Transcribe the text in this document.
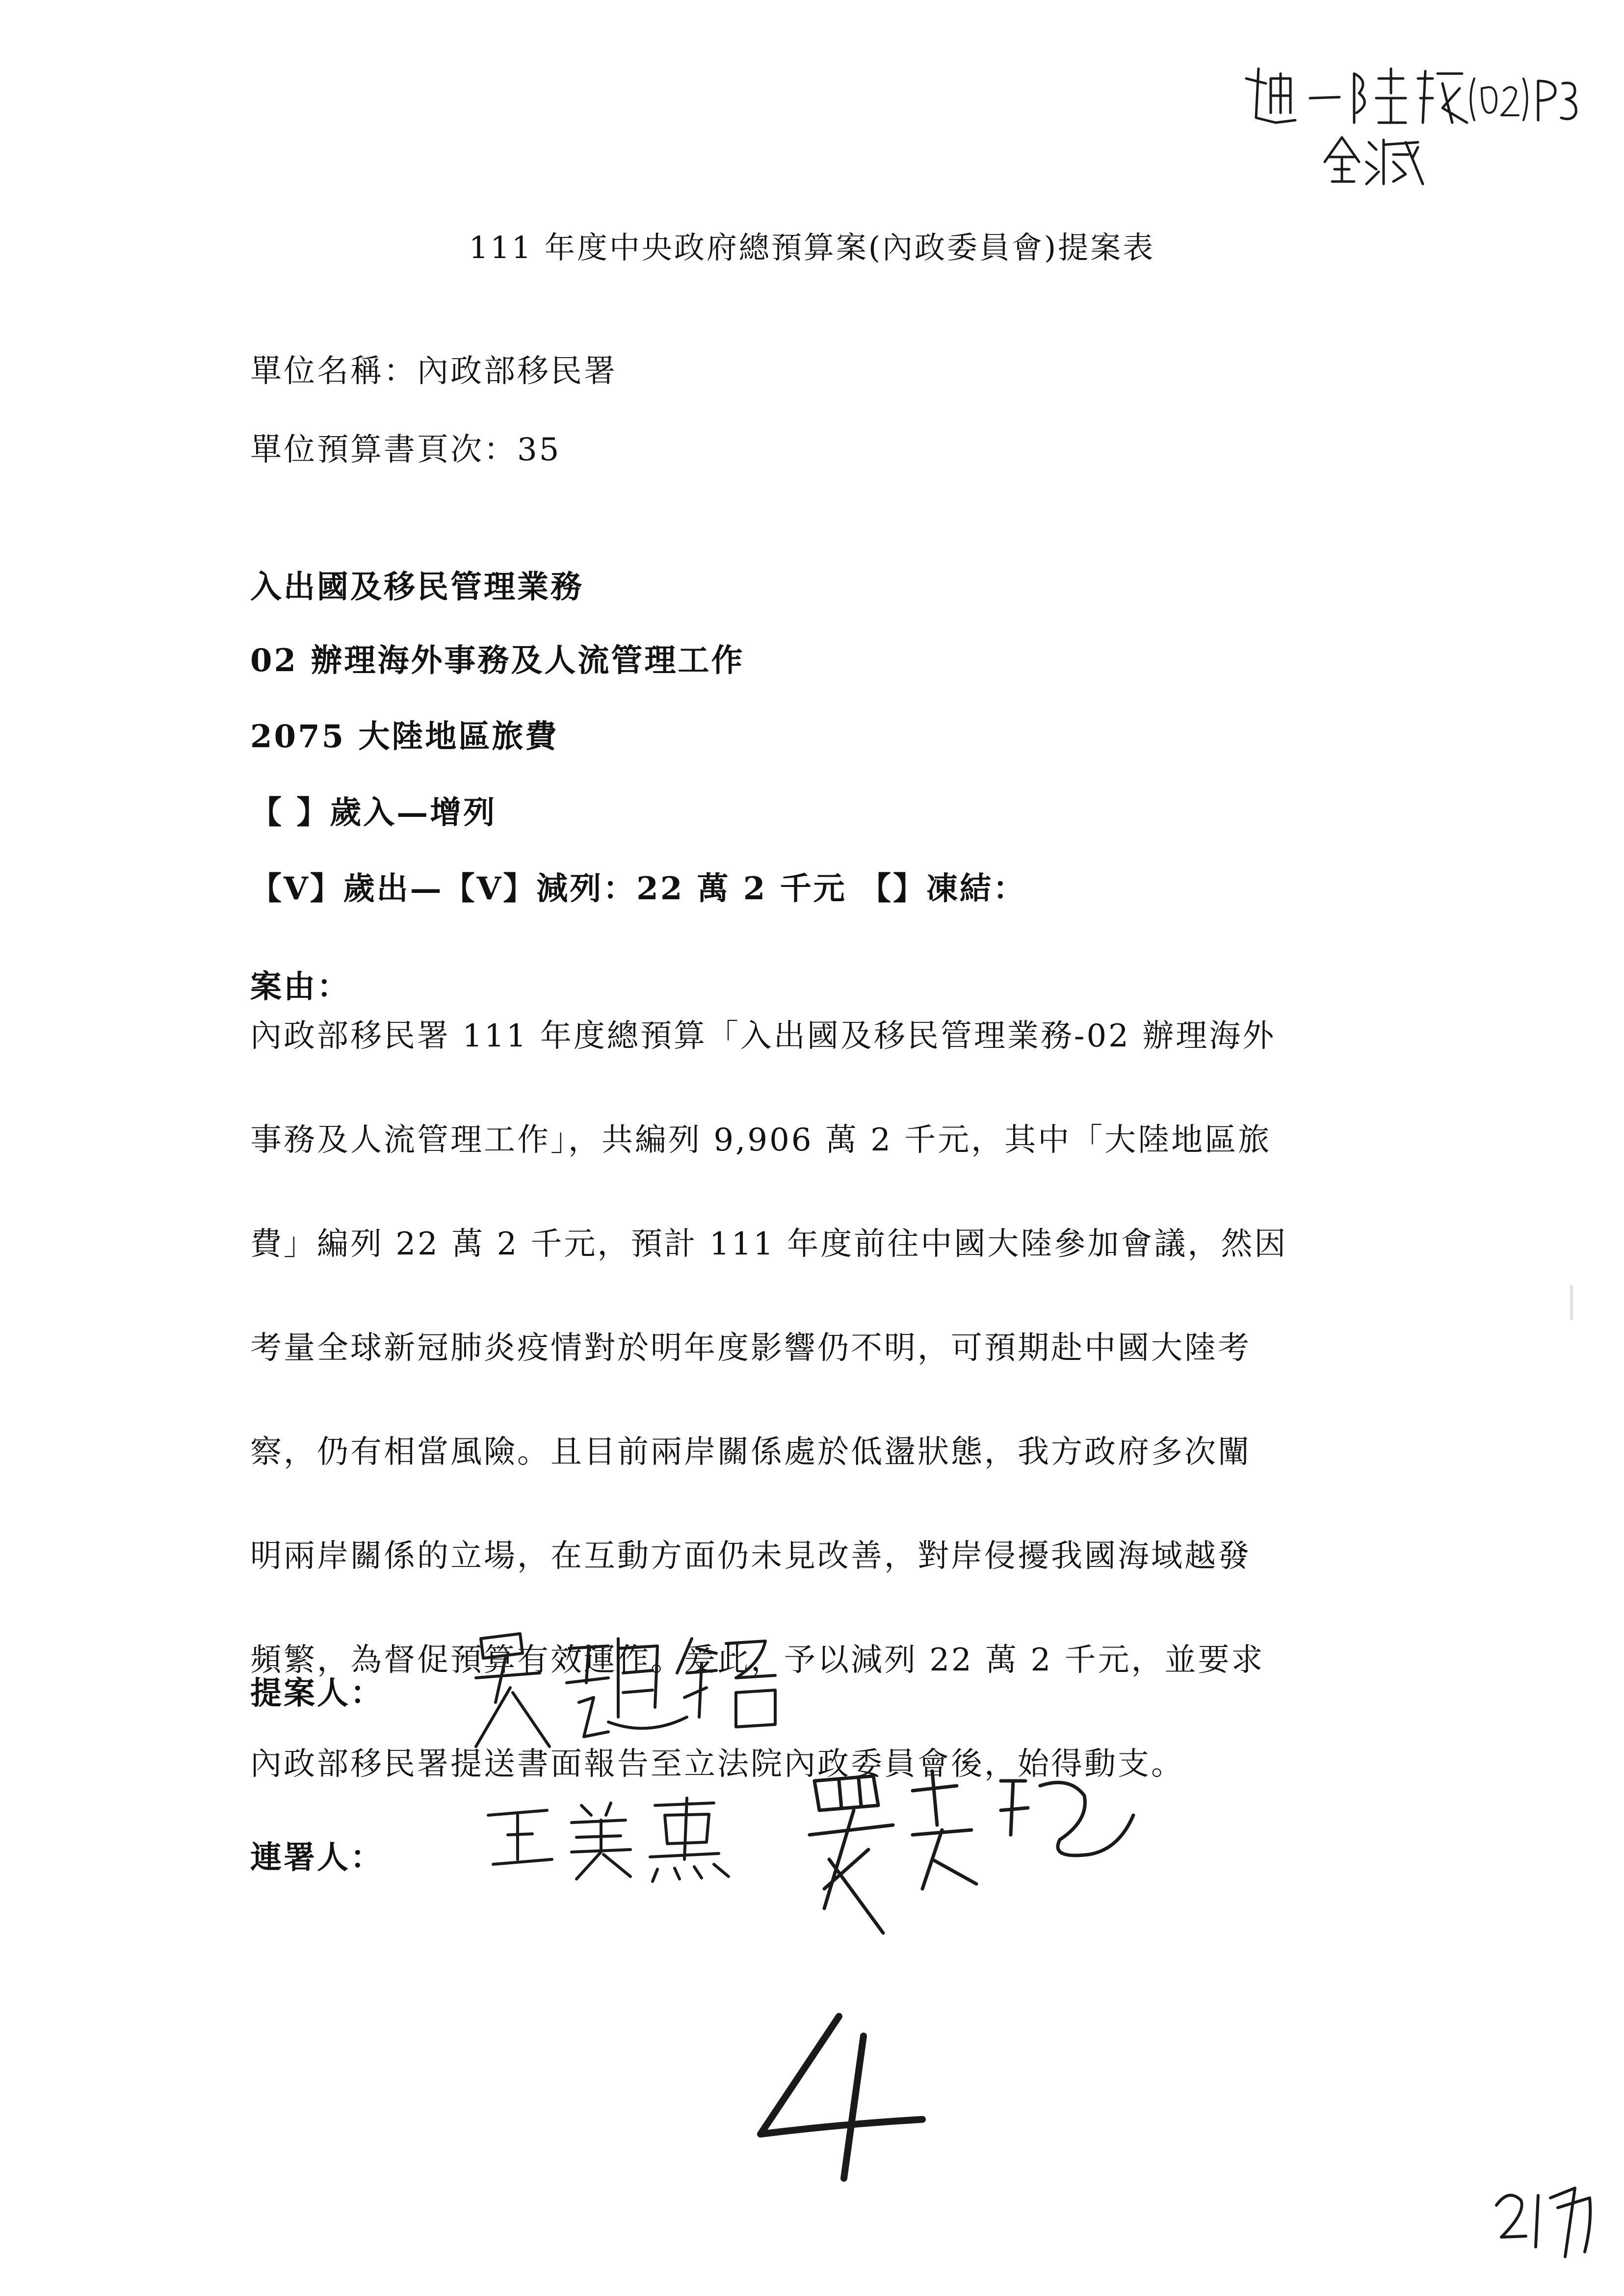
111 年度中央政府總預算案(內政委員會)提案表
單位名稱：內政部移民署
單位預算書頁次：35
入出國及移民管理業務
02 辦理海外事務及人流管理工作
2075 大陸地區旅費
【 】歲入—增列
【V】歲出—【V】減列：22 萬 2 千元 【】凍結：
案由：
內政部移民署 111 年度總預算「入出國及移民管理業務-02 辦理海外
事務及人流管理工作」，共編列 9,906 萬 2 千元，其中「大陸地區旅
費」編列 22 萬 2 千元，預計 111 年度前往中國大陸參加會議，然因
考量全球新冠肺炎疫情對於明年度影響仍不明，可預期赴中國大陸考
察，仍有相當風險。且目前兩岸關係處於低盪狀態，我方政府多次闡
明兩岸關係的立場，在互動方面仍未見改善，對岸侵擾我國海域越發
頻繁，為督促預算有效運作。爰此，予以減列 22 萬 2 千元，並要求
內政部移民署提送書面報告至立法院內政委員會後，始得動支。
提案人：
連署人：
